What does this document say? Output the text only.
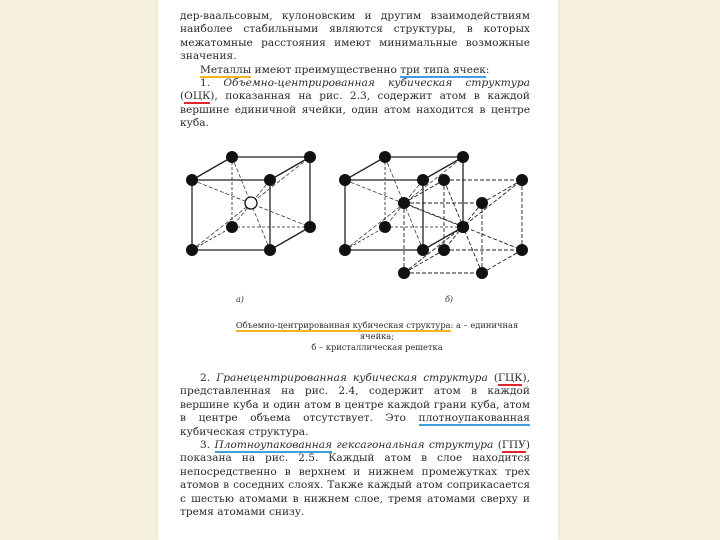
дер-ваальсовым, кулоновским и другим взаимодействиям наиболее стабильными являются структуры, в которых межатомные расстояния имеют минимальные возможные значения.

Металлы имеют преимущественно три типа ячеек:

1. Объемно-центрированная кубическая структура (ОЦК), показанная на рис. 2.3, содержит атом в каждой вершине единичной ячейки, один атом находится в центре куба.

а)	б)
Объемно-центрированная кубическая структура: а – единичная ячейка;
б – кристаллическая решетка

2. Гранецентрированная кубическая структура (ГЦК), представленная на рис. 2.4, содержит атом в каждой вершине куба и один атом в центре каждой грани куба, атом в центре объема отсутствует. Это плотноупакованная кубическая структура.

3. Плотноупакованная гексагональная структура (ГПУ) показана на рис. 2.5. Каждый атом в слое находится непосредственно в верхнем и нижнем промежутках трех атомов в соседних слоях. Также каждый атом соприкасается с шестью атомами в нижнем слое, тремя атомами сверху и тремя атомами снизу.
